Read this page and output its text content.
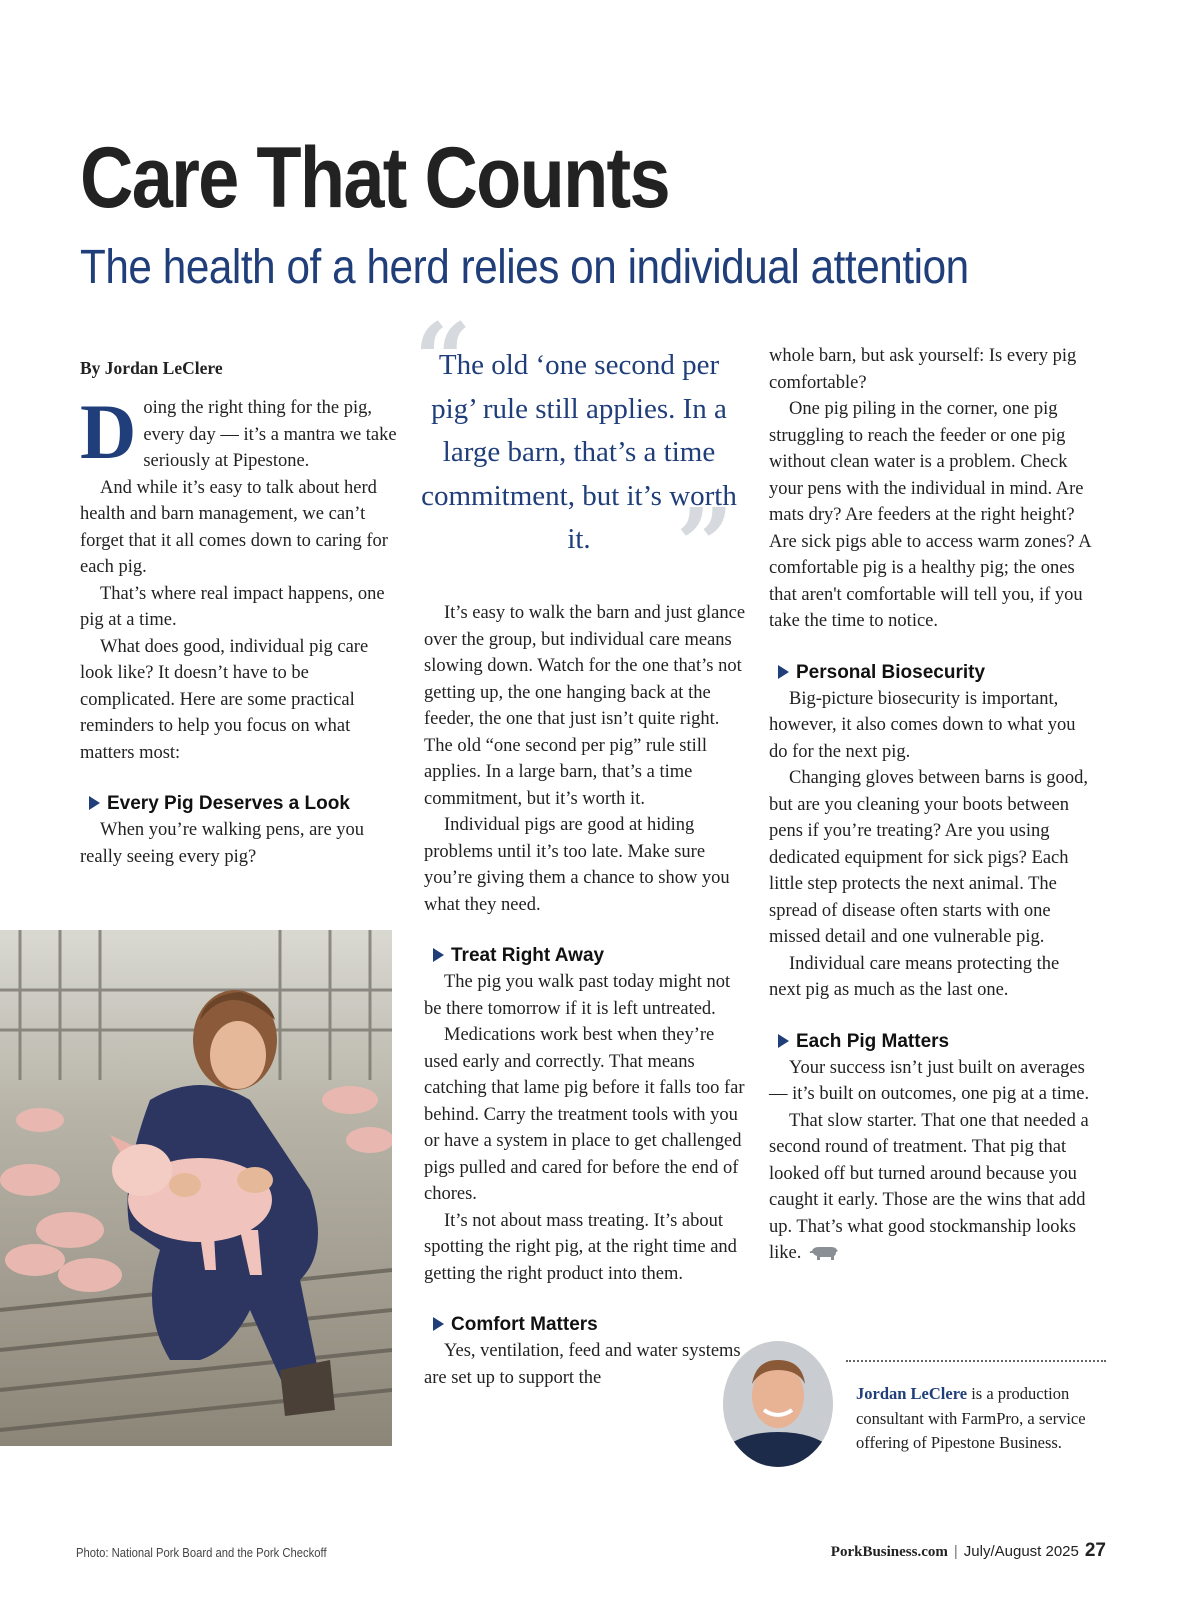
Care That Counts
The health of a herd relies on individual attention

By Jordan LeClere

Doing the right thing for the pig, every day — it’s a mantra we take seriously at Pipestone.

And while it’s easy to talk about herd health and barn management, we can’t forget that it all comes down to caring for each pig.

That’s where real impact happens, one pig at a time.

What does good, individual pig care look like? It doesn’t have to be complicated. Here are some practical reminders to help you focus on what matters most:

Every Pig Deserves a Look

When you’re walking pens, are you really seeing every pig?

“

The old ‘one second per pig’ rule still applies. In a large barn, that’s a time commitment, but it’s worth it. ”

It’s easy to walk the barn and just glance over the group, but individual care means slowing down. Watch for the one that’s not getting up, the one hanging back at the feeder, the one that just isn’t quite right. The old “one second per pig” rule still applies. In a large barn, that’s a time commitment, but it’s worth it.

Individual pigs are good at hiding problems until it’s too late. Make sure you’re giving them a chance to show you what they need.

Treat Right Away

The pig you walk past today might not be there tomorrow if it is left untreated.

Medications work best when they’re used early and correctly. That means catching that lame pig before it falls too far behind. Carry the treatment tools with you or have a system in place to get challenged pigs pulled and cared for before the end of chores.

It’s not about mass treating. It’s about spotting the right pig, at the right time and getting the right product into them.

Comfort Matters

Yes, ventilation, feed and water systems are set up to support the

whole barn, but ask yourself: Is every pig comfortable?

One pig piling in the corner, one pig struggling to reach the feeder or one pig without clean water is a problem. Check your pens with the individual in mind. Are mats dry? Are feeders at the right height? Are sick pigs able to access warm zones? A comfortable pig is a healthy pig; the ones that aren't comfortable will tell you, if you take the time to notice.

Personal Biosecurity

Big-picture biosecurity is important, however, it also comes down to what you do for the next pig.

Changing gloves between barns is good, but are you cleaning your boots between pens if you’re treating? Are you using dedicated equipment for sick pigs? Each little step protects the next animal. The spread of disease often starts with one missed detail and one vulnerable pig.

Individual care means protecting the next pig as much as the last one.

Each Pig Matters

Your success isn’t just built on averages — it’s built on outcomes, one pig at a time.

That slow starter. That one that needed a second round of treatment. That pig that looked off but turned around because you caught it early. Those are the wins that add up. That’s what good stockmanship looks like.

Jordan LeClere is a production consultant with FarmPro, a service offering of Pipestone Business.

Photo: National Pork Board and the Pork Checkoff	PorkBusiness.com | July/August 2025 27
